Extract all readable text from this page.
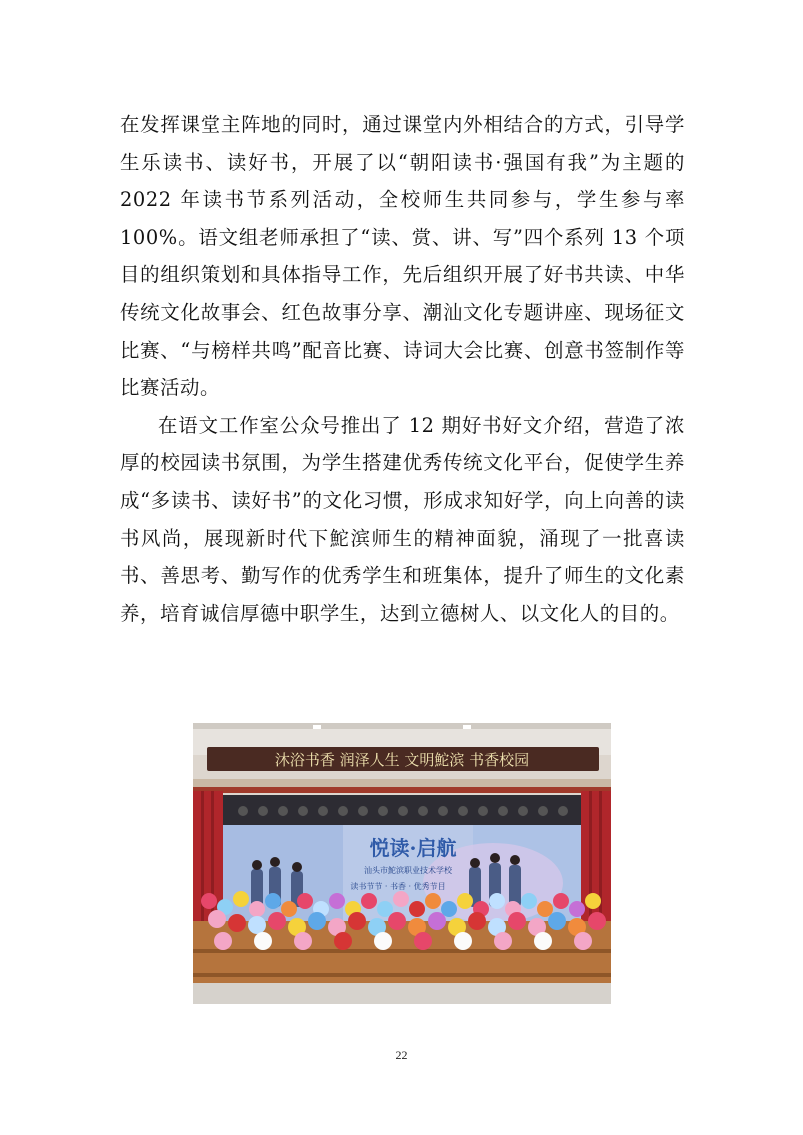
在发挥课堂主阵地的同时，通过课堂内外相结合的方式，引导学生乐读书、读好书，开展了以“朝阳读书·强国有我”为主题的 2022 年读书节系列活动，全校师生共同参与，学生参与率 100%。语文组老师承担了“读、赏、讲、写”四个系列 13 个项目的组织策划和具体指导工作，先后组织开展了好书共读、中华传统文化故事会、红色故事分享、潮汕文化专题讲座、现场征文比赛、“与榜样共鸣”配音比赛、诗词大会比赛、创意书签制作等比赛活动。

在语文工作室公众号推出了 12 期好书好文介绍，营造了浓厚的校园读书氛围，为学生搭建优秀传统文化平台，促使学生养成“多读书、读好书”的文化习惯，形成求知好学，向上向善的读书风尚，展现新时代下鮀滨师生的精神面貌，涌现了一批喜读书、善思考、勤写作的优秀学生和班集体，提升了师生的文化素养，培育诚信厚德中职学生，达到立德树人、以文化人的目的。

沐浴书香 润泽人生 文明鮀滨 书香校园
悦读·启航
汕头市鮀滨职业技术学校
读书节节 · 书香 · 优秀节目
22
